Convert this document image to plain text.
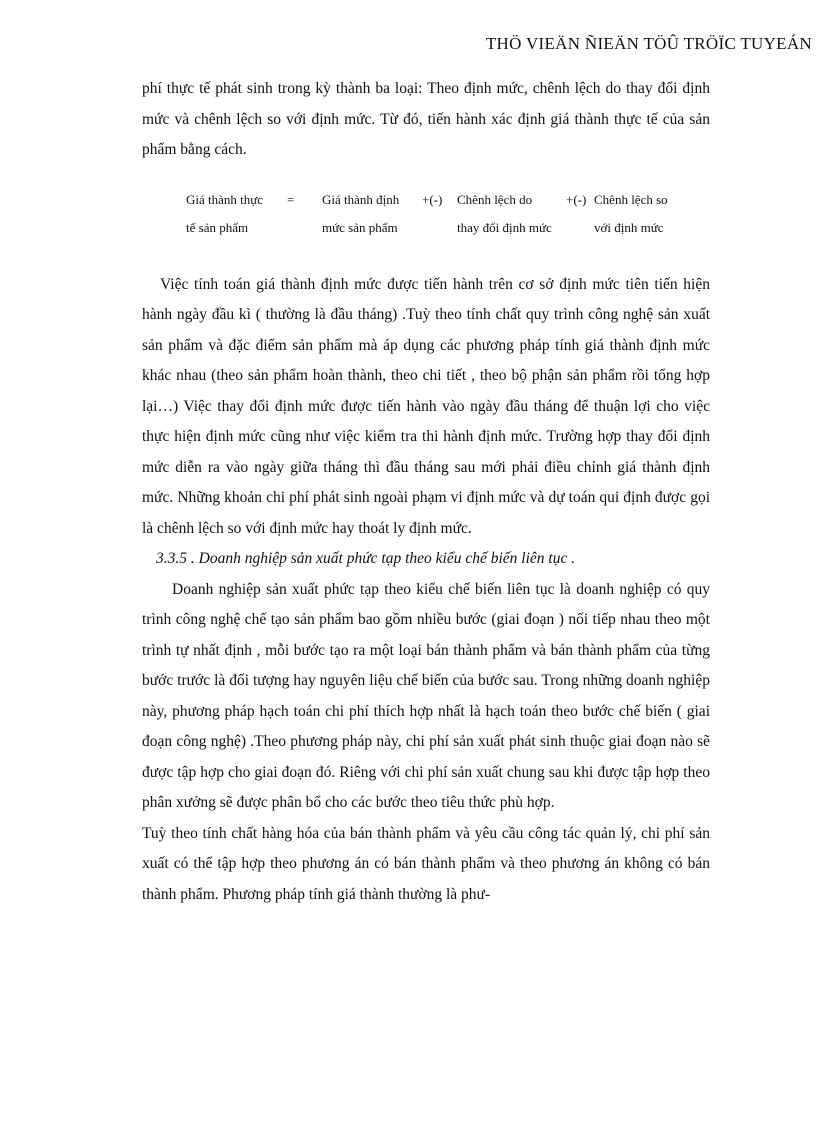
THÖ VIEÄN ÑIEÄN TÖÛ TRÖÏC TUYEÁN

phí thực tế phát sinh trong kỳ thành ba loại: Theo định mức, chênh lệch do thay đổi định mức và chênh lệch so với định mức. Từ đó, tiến hành xác định giá thành thực tế của sản phẩm bằng cách.

Giá thành thực
tế sản phẩm
= Giá thành định
mức sản phẩm
+(-) Chênh lệch do
thay đổi định mức
+(-) Chênh lệch so
với định mức

Việc tính toán giá thành định mức được tiến hành trên cơ sở định mức tiên tiến hiện hành ngày đầu kì ( thường là đầu tháng) .Tuỳ theo tính chất quy trình công nghệ sản xuất sản phẩm và đặc điểm sản phẩm mà áp dụng các phương pháp tính giá thành định mức khác nhau (theo sản phẩm hoàn thành, theo chi tiết , theo bộ phận sản phẩm rồi tổng hợp lại…) Việc thay đổi định mức được tiến hành vào ngày đầu tháng để thuận lợi cho việc thực hiện định mức cũng như việc kiểm tra thi hành định mức. Trường hợp thay đổi định mức diễn ra vào ngày giữa tháng thì đầu tháng sau mới phải điều chỉnh giá thành định mức. Những khoản chi phí phát sinh ngoài phạm vi định mức và dự toán qui định được gọi là chênh lệch so với định mức hay thoát ly định mức.

3.3.5 . Doanh nghiệp sản xuất phức tạp theo kiểu chế biến liên tục .

Doanh nghiệp sản xuất phức tạp theo kiểu chế biến liên tục là doanh nghiệp có quy trình công nghệ chế tạo sản phẩm bao gồm nhiều bước (giai đoạn ) nối tiếp nhau theo một trình tự nhất định , mỗi bước tạo ra một loại bán thành phẩm và bán thành phẩm của từng bước trước là đối tượng hay nguyên liệu chế biến của bước sau. Trong những doanh nghiệp này, phương pháp hạch toán chi phí thích hợp nhất là hạch toán theo bước chế biến ( giai đoạn công nghệ) .Theo phương pháp này, chi phí sản xuất phát sinh thuộc giai đoạn nào sẽ được tập hợp cho giai đoạn đó. Riêng với chi phí sản xuất chung sau khi được tập hợp theo phân xưởng sẽ được phân bổ cho các bước theo tiêu thức phù hợp.

Tuỳ theo tính chất hàng hóa của bán thành phẩm và yêu cầu công tác quản lý, chi phí sản xuất có thể tập hợp theo phương án có bán thành phẩm và theo phương án không có bán thành phẩm. Phương pháp tính giá thành thường là phư-
